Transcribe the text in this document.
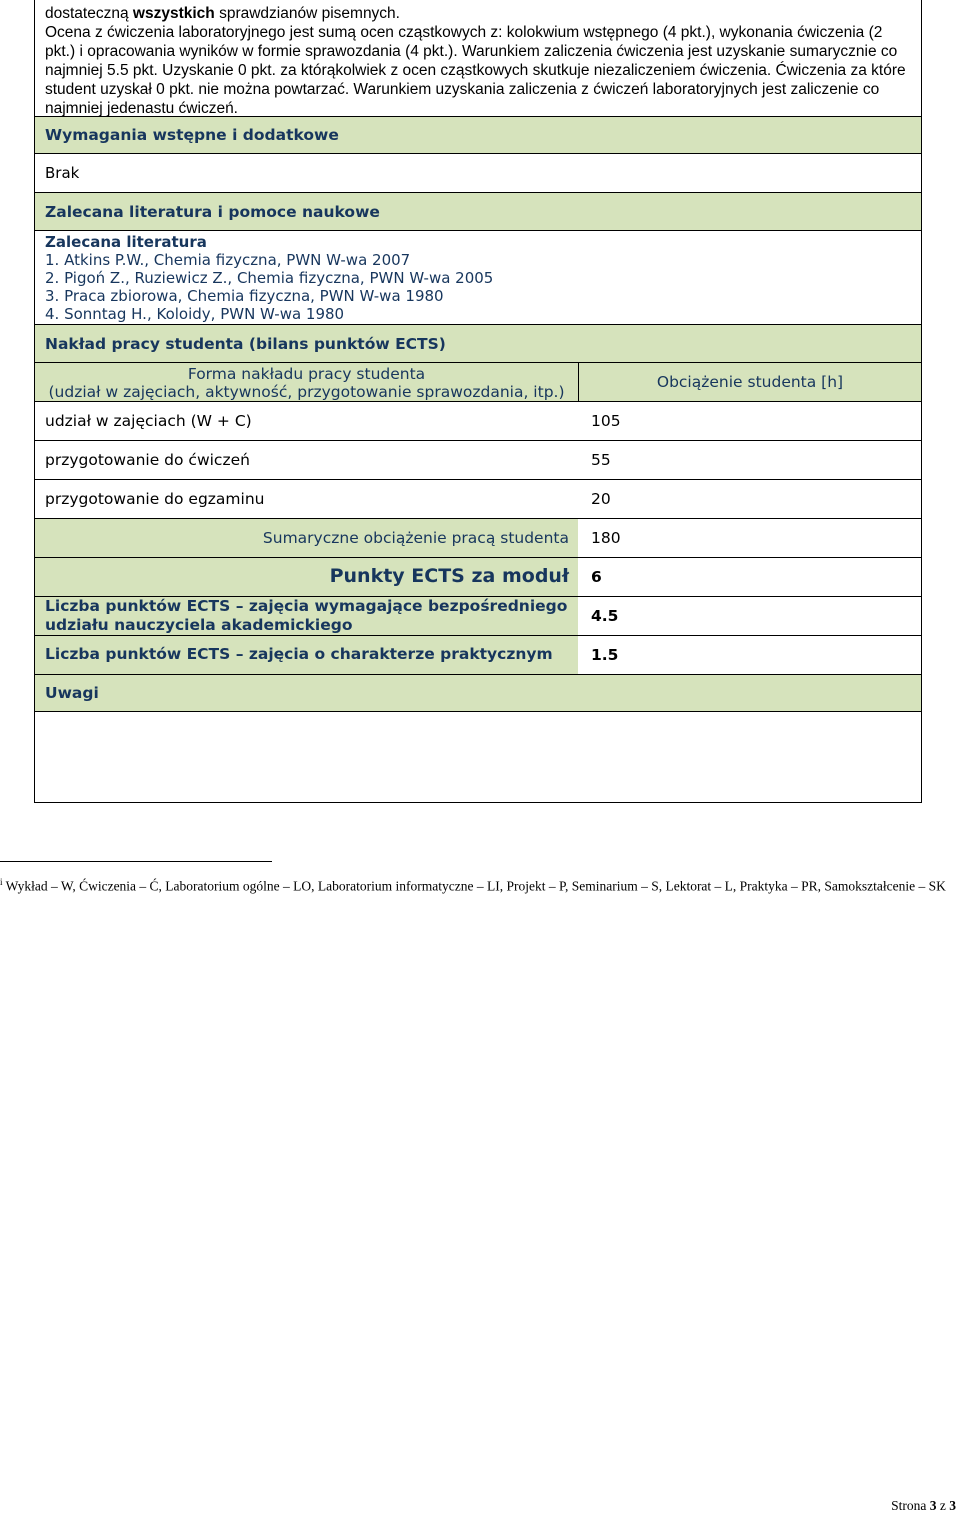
dostateczną wszystkich sprawdzianów pisemnych.
Ocena z ćwiczenia laboratoryjnego jest sumą ocen cząstkowych z: kolokwium wstępnego (4 pkt.), wykonania ćwiczenia (2 pkt.) i opracowania wyników w formie sprawozdania (4 pkt.). Warunkiem zaliczenia ćwiczenia jest uzyskanie sumarycznie co najmniej 5.5 pkt. Uzyskanie 0 pkt. za którąkolwiek z ocen cząstkowych skutkuje niezaliczeniem ćwiczenia. Ćwiczenia za które student uzyskał 0 pkt. nie można powtarzać. Warunkiem uzyskania zaliczenia z ćwiczeń laboratoryjnych jest zaliczenie co najmniej jedenastu ćwiczeń.
Wymagania wstępne i dodatkowe
Brak
Zalecana literatura i pomoce naukowe
Zalecana literatura
1. Atkins P.W., Chemia fizyczna, PWN W-wa 2007
2. Pigoń Z., Ruziewicz Z., Chemia fizyczna, PWN W-wa 2005
3. Praca zbiorowa, Chemia fizyczna, PWN W-wa 1980
4. Sonntag H., Koloidy, PWN W-wa 1980
Nakład pracy studenta (bilans punktów ECTS)
Forma nakładu pracy studenta
(udział w zajęciach, aktywność, przygotowanie sprawozdania, itp.)
Obciążenie studenta [h]
udział w zajęciach (W + C)	105
przygotowanie do ćwiczeń	55
przygotowanie do egzaminu	20
Sumaryczne obciążenie pracą studenta 180
Punkty ECTS za moduł 6
Liczba punktów ECTS – zajęcia wymagające bezpośredniego
udziału nauczyciela akademickiego	4.5
Liczba punktów ECTS – zajęcia o charakterze praktycznym 1.5
Uwagi
$^i$ Wykład – W, Ćwiczenia – Ć, Laboratorium ogólne – LO, Laboratorium informatyczne – LI, Projekt – P, Seminarium – S, Lektorat – L, Praktyka – PR, Samokształcenie – SK
Strona 3 z 3
